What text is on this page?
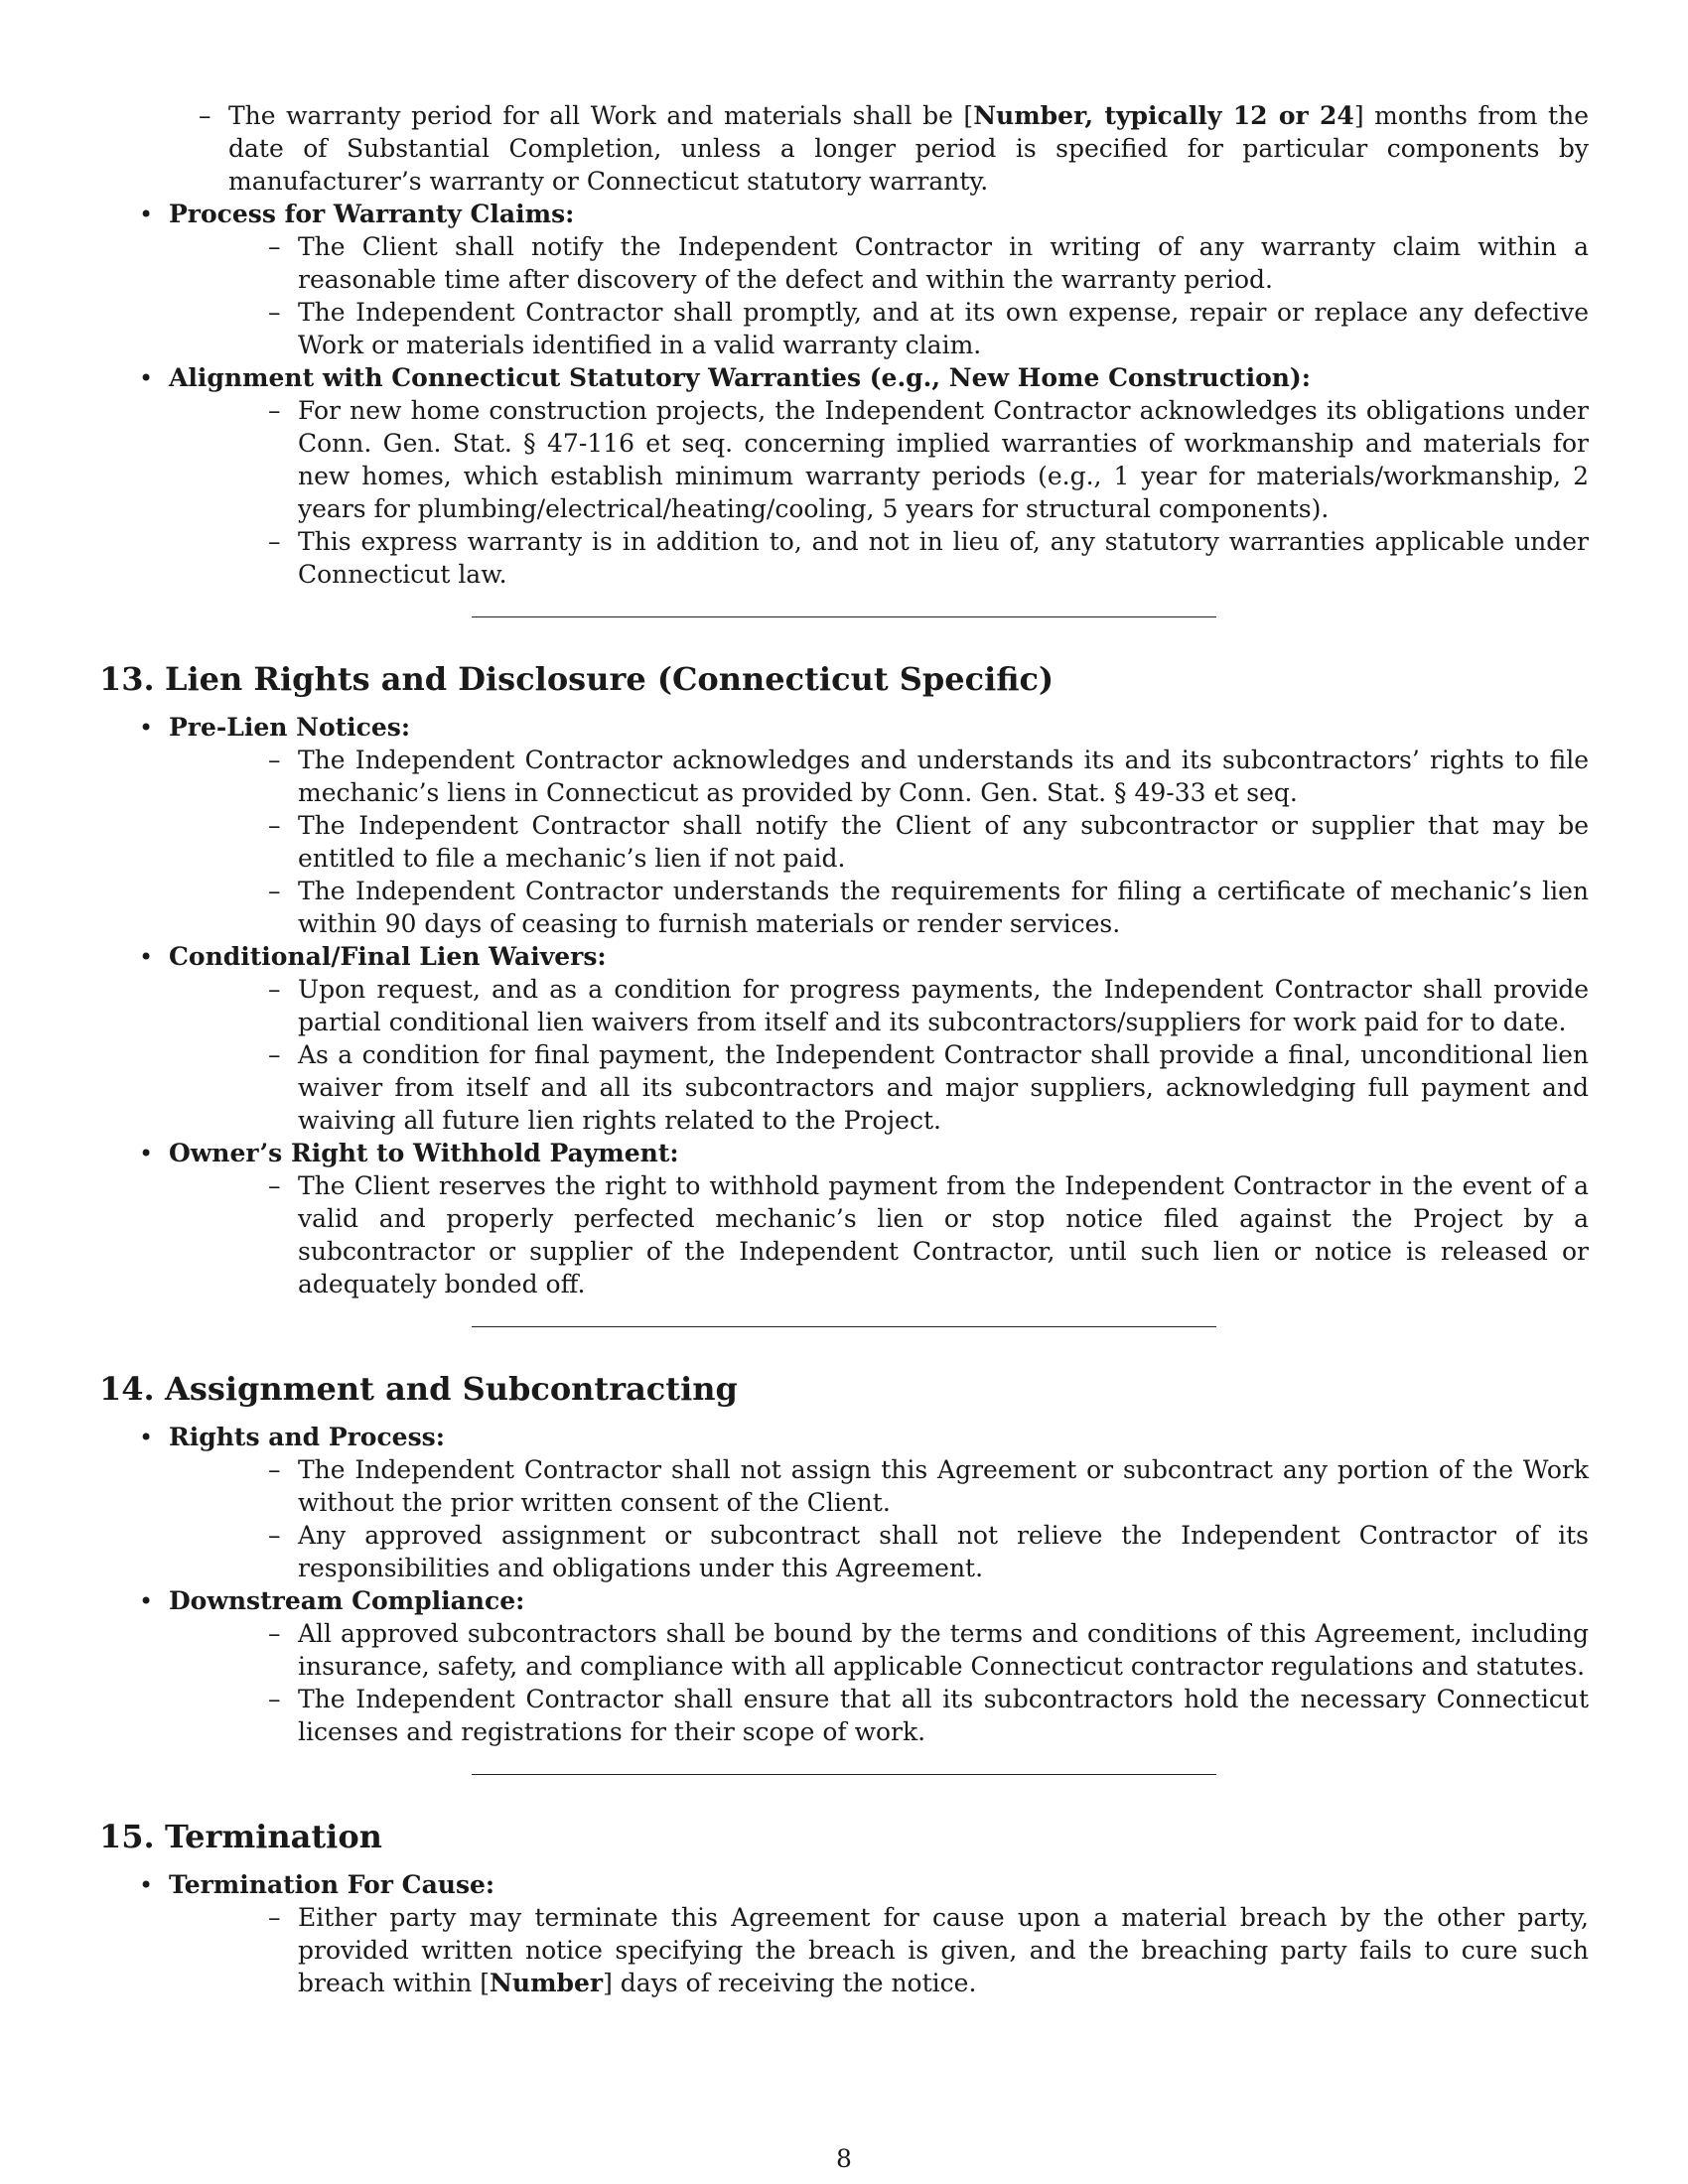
– The warranty period for all Work and materials shall be [Number, typically 12 or 24] months from the date of Substantial Completion, unless a longer period is specified for particular components by manufacturer’s warranty or Connecticut statutory warranty.
• Process for Warranty Claims:
– The Client shall notify the Independent Contractor in writing of any warranty claim within a reasonable time after discovery of the defect and within the warranty period.
– The Independent Contractor shall promptly, and at its own expense, repair or replace any defective Work or materials identified in a valid warranty claim.
• Alignment with Connecticut Statutory Warranties (e.g., New Home Construction):
– For new home construction projects, the Independent Contractor acknowledges its obligations under Conn. Gen. Stat. § 47-116 et seq. concerning implied warranties of workmanship and materials for new homes, which establish minimum warranty periods (e.g., 1 year for materials/workmanship, 2 years for plumbing/electrical/heating/cooling, 5 years for structural components).
– This express warranty is in addition to, and not in lieu of, any statutory warranties applicable under Connecticut law.
13. Lien Rights and Disclosure (Connecticut Specific)
• Pre-Lien Notices:
– The Independent Contractor acknowledges and understands its and its subcontractors’ rights to file mechanic’s liens in Connecticut as provided by Conn. Gen. Stat. § 49-33 et seq.
– The Independent Contractor shall notify the Client of any subcontractor or supplier that may be entitled to file a mechanic’s lien if not paid.
– The Independent Contractor understands the requirements for filing a certificate of mechanic’s lien within 90 days of ceasing to furnish materials or render services.
• Conditional/Final Lien Waivers:
– Upon request, and as a condition for progress payments, the Independent Contractor shall provide partial conditional lien waivers from itself and its subcontractors/suppliers for work paid for to date.
– As a condition for final payment, the Independent Contractor shall provide a final, unconditional lien waiver from itself and all its subcontractors and major suppliers, acknowledging full payment and waiving all future lien rights related to the Project.
• Owner’s Right to Withhold Payment:
– The Client reserves the right to withhold payment from the Independent Contractor in the event of a valid and properly perfected mechanic’s lien or stop notice filed against the Project by a subcontractor or supplier of the Independent Contractor, until such lien or notice is released or adequately bonded off.
14. Assignment and Subcontracting
• Rights and Process:
– The Independent Contractor shall not assign this Agreement or subcontract any portion of the Work without the prior written consent of the Client.
– Any approved assignment or subcontract shall not relieve the Independent Contractor of its responsibilities and obligations under this Agreement.
• Downstream Compliance:
– All approved subcontractors shall be bound by the terms and conditions of this Agreement, including insurance, safety, and compliance with all applicable Connecticut contractor regulations and statutes.
– The Independent Contractor shall ensure that all its subcontractors hold the necessary Connecticut licenses and registrations for their scope of work.
15. Termination
• Termination For Cause:
– Either party may terminate this Agreement for cause upon a material breach by the other party, provided written notice specifying the breach is given, and the breaching party fails to cure such breach within [Number] days of receiving the notice.
8
